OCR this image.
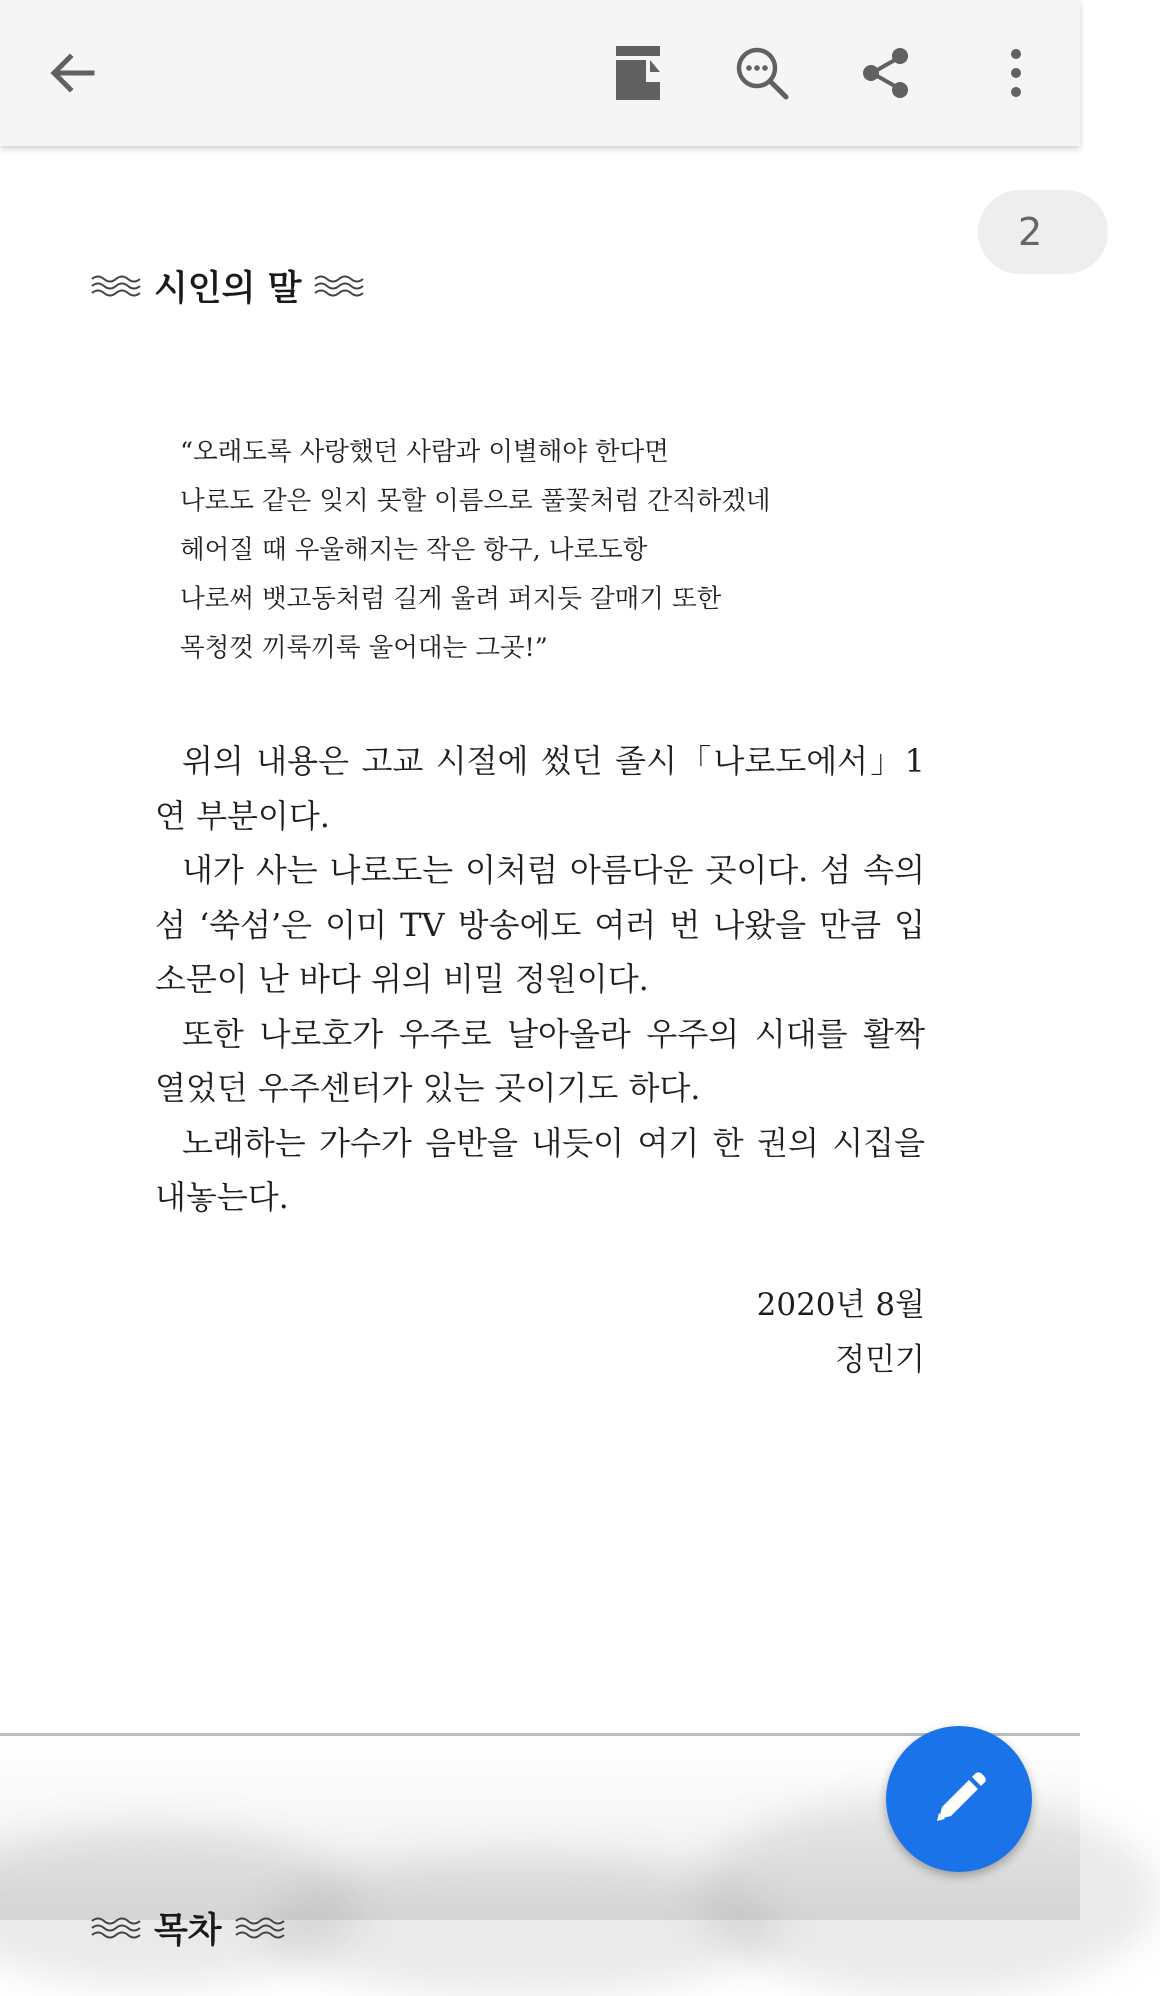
2
시인의 말
“오래도록 사랑했던 사람과 이별해야 한다면
나로도 같은 잊지 못할 이름으로 풀꽃처럼 간직하겠네
헤어질 때 우울해지는 작은 항구, 나로도항
나로써 뱃고동처럼 길게 울려 퍼지듯 갈매기 또한
목청껏 끼룩끼룩 울어대는 그곳!”

위의 내용은 고교 시절에 썼던 졸시「나로도에서」1연 부분이다.

내가 사는 나로도는 이처럼 아름다운 곳이다. 섬 속의 섬 ‘쑥섬’은 이미 TV 방송에도 여러 번 나왔을 만큼 입소문이 난 바다 위의 비밀 정원이다.

또한 나로호가 우주로 날아올라 우주의 시대를 활짝 열었던 우주센터가 있는 곳이기도 하다.

노래하는 가수가 음반을 내듯이 여기 한 권의 시집을 내놓는다.

2020년 8월
정민기
목차
